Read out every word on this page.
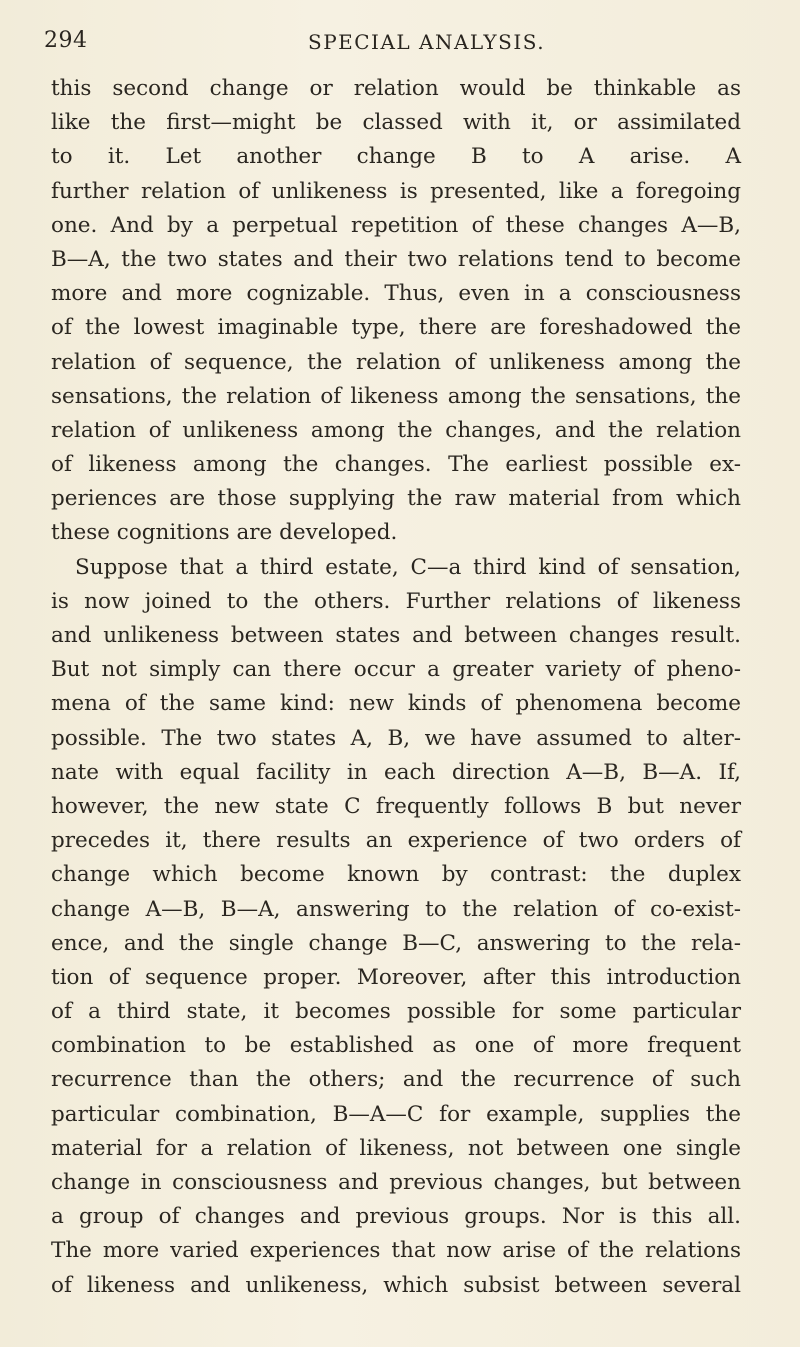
294	SPECIAL ANALYSIS.
this second change or relation would be thinkable as
like the first—might be classed with it, or assimilated
to it. Let another change B to A arise. A
further relation of unlikeness is presented, like a foregoing
one. And by a perpetual repetition of these changes A—B,
B—A, the two states and their two relations tend to become
more and more cognizable. Thus, even in a consciousness
of the lowest imaginable type, there are foreshadowed the
relation of sequence, the relation of unlikeness among the
sensations, the relation of likeness among the sensations, the
relation of unlikeness among the changes, and the relation
of likeness among the changes. The earliest possible ex-
periences are those supplying the raw material from which
these cognitions are developed.
Suppose that a third estate, C—a third kind of sensation,
is now joined to the others. Further relations of likeness
and unlikeness between states and between changes result.
But not simply can there occur a greater variety of pheno-
mena of the same kind: new kinds of phenomena become
possible. The two states A, B, we have assumed to alter-
nate with equal facility in each direction A—B, B—A. If,
however, the new state C frequently follows B but never
precedes it, there results an experience of two orders of
change which become known by contrast: the duplex
change A—B, B—A, answering to the relation of co-exist-
ence, and the single change B—C, answering to the rela-
tion of sequence proper. Moreover, after this introduction
of a third state, it becomes possible for some particular
combination to be established as one of more frequent
recurrence than the others; and the recurrence of such
particular combination, B—A—C for example, supplies the
material for a relation of likeness, not between one single
change in consciousness and previous changes, but between
a group of changes and previous groups. Nor is this all.
The more varied experiences that now arise of the relations
of likeness and unlikeness, which subsist between several
